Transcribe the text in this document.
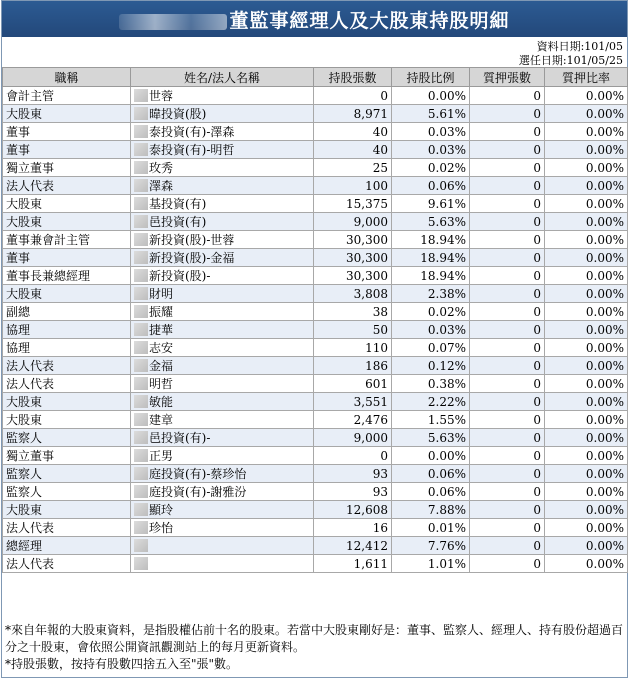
董監事經理人及大股東持股明細
資料日期:101/05
選任日期:101/05/25
職稱	姓名/法人名稱	持股張數	持股比例	質押張數	質押比率
會計主管	世蓉	0	0.00%	0	0.00%
大股東	暐投資(股)	8,971	5.61%	0	0.00%
董事	泰投資(有)-澤森	40	0.03%	0	0.00%
董事	泰投資(有)-明哲	40	0.03%	0	0.00%
獨立董事	玫秀	25	0.02%	0	0.00%
法人代表	澤森	100	0.06%	0	0.00%
大股東	基投資(有)	15,375	9.61%	0	0.00%
大股東	邑投資(有)	9,000	5.63%	0	0.00%
董事兼會計主管	新投資(股)-世蓉	30,300	18.94%	0	0.00%
董事	新投資(股)-金福	30,300	18.94%	0	0.00%
董事長兼總經理	新投資(股)-	30,300	18.94%	0	0.00%
大股東	財明	3,808	2.38%	0	0.00%
副總	振耀	38	0.02%	0	0.00%
協理	捷華	50	0.03%	0	0.00%
協理	志安	110	0.07%	0	0.00%
法人代表	金福	186	0.12%	0	0.00%
法人代表	明哲	601	0.38%	0	0.00%
大股東	敏能	3,551	2.22%	0	0.00%
大股東	建章	2,476	1.55%	0	0.00%
監察人	邑投資(有)-	9,000	5.63%	0	0.00%
獨立董事	正男	0	0.00%	0	0.00%
監察人	庭投資(有)-蔡珍怡	93	0.06%	0	0.00%
監察人	庭投資(有)-謝雅汾	93	0.06%	0	0.00%
大股東	顯玲	12,608	7.88%	0	0.00%
法人代表	珍怡	16	0.01%	0	0.00%
總經理		12,412	7.76%	0	0.00%
法人代表		1,611	1.01%	0	0.00%
*來自年報的大股東資料，是指股權佔前十名的股東。若當中大股東剛好是：董事、監察人、經理人、持有股份超過百分之十股東，會依照公開資訊觀測站上的每月更新資料。
*持股張數，按持有股數四捨五入至"張"數。
